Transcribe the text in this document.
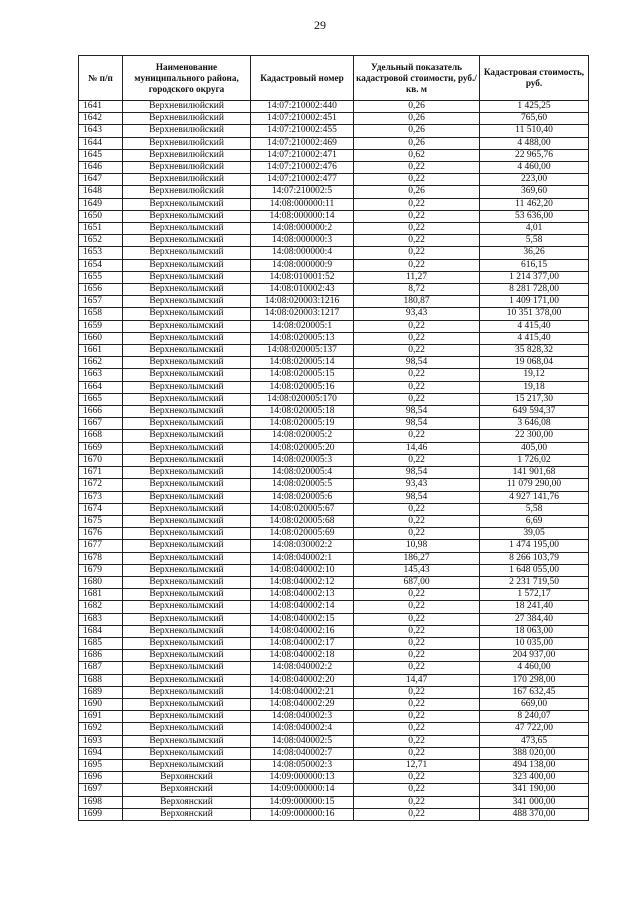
29
№ п/п	Наименование муниципального района, городского округа	Кадастровый номер	Удельный показатель кадастровой стоимости, руб./кв. м	Кадастровая стоимость, руб.
1641	Верхневилюйский	14:07:210002:440	0,26	1 425,25
1642	Верхневилюйский	14:07:210002:451	0,26	765,60
1643	Верхневилюйский	14:07:210002:455	0,26	11 510,40
1644	Верхневилюйский	14:07:210002:469	0,26	4 488,00
1645	Верхневилюйский	14:07:210002:471	0,62	22 965,76
1646	Верхневилюйский	14:07:210002:476	0,22	4 460,00
1647	Верхневилюйский	14:07:210002:477	0,22	223,00
1648	Верхневилюйский	14:07:210002:5	0,26	369,60
1649	Верхнеколымский	14:08:000000:11	0,22	11 462,20
1650	Верхнеколымский	14:08:000000:14	0,22	53 636,00
1651	Верхнеколымский	14:08:000000:2	0,22	4,01
1652	Верхнеколымский	14:08:000000:3	0,22	5,58
1653	Верхнеколымский	14:08:000000:4	0,22	36,26
1654	Верхнеколымский	14:08:000000:9	0,22	616,15
1655	Верхнеколымский	14:08:010001:52	11,27	1 214 377,00
1656	Верхнеколымский	14:08:010002:43	8,72	8 281 728,00
1657	Верхнеколымский	14:08:020003:1216	180,87	1 409 171,00
1658	Верхнеколымский	14:08:020003:1217	93,43	10 351 378,00
1659	Верхнеколымский	14:08:020005:1	0,22	4 415,40
1660	Верхнеколымский	14:08:020005:13	0,22	4 415,40
1661	Верхнеколымский	14:08:020005:137	0,22	35 828,32
1662	Верхнеколымский	14:08:020005:14	98,54	19 068,04
1663	Верхнеколымский	14:08:020005:15	0,22	19,12
1664	Верхнеколымский	14:08:020005:16	0,22	19,18
1665	Верхнеколымский	14:08:020005:170	0,22	15 217,30
1666	Верхнеколымский	14:08:020005:18	98,54	649 594,37
1667	Верхнеколымский	14:08:020005:19	98,54	3 646,08
1668	Верхнеколымский	14:08:020005:2	0,22	22 300,00
1669	Верхнеколымский	14:08:020005:20	14,46	405,00
1670	Верхнеколымский	14:08:020005:3	0,22	1 726,02
1671	Верхнеколымский	14:08:020005:4	98,54	141 901,68
1672	Верхнеколымский	14:08:020005:5	93,43	11 079 290,00
1673	Верхнеколымский	14:08:020005:6	98,54	4 927 141,76
1674	Верхнеколымский	14:08:020005:67	0,22	5,58
1675	Верхнеколымский	14:08:020005:68	0,22	6,69
1676	Верхнеколымский	14:08:020005:69	0,22	39,05
1677	Верхнеколымский	14:08:030002:2	10,98	1 474 195,00
1678	Верхнеколымский	14:08:040002:1	186,27	8 266 103,79
1679	Верхнеколымский	14:08:040002:10	145,43	1 648 055,00
1680	Верхнеколымский	14:08:040002:12	687,00	2 231 719,50
1681	Верхнеколымский	14:08:040002:13	0,22	1 572,17
1682	Верхнеколымский	14:08:040002:14	0,22	18 241,40
1683	Верхнеколымский	14:08:040002:15	0,22	27 384,40
1684	Верхнеколымский	14:08:040002:16	0,22	18 063,00
1685	Верхнеколымский	14:08:040002:17	0,22	10 035,00
1686	Верхнеколымский	14:08:040002:18	0,22	204 937,00
1687	Верхнеколымский	14:08:040002:2	0,22	4 460,00
1688	Верхнеколымский	14:08:040002:20	14,47	170 298,00
1689	Верхнеколымский	14:08:040002:21	0,22	167 632,45
1690	Верхнеколымский	14:08:040002:29	0,22	669,00
1691	Верхнеколымский	14:08:040002:3	0,22	8 240,07
1692	Верхнеколымский	14:08:040002:4	0,22	47 722,00
1693	Верхнеколымский	14:08:040002:5	0,22	473,65
1694	Верхнеколымский	14:08:040002:7	0,22	388 020,00
1695	Верхнеколымский	14:08:050002:3	12,71	494 138,00
1696	Верхоянский	14:09:000000:13	0,22	323 400,00
1697	Верхоянский	14:09:000000:14	0,22	341 190,00
1698	Верхоянский	14:09:000000:15	0,22	341 000,00
1699	Верхоянский	14:09:000000:16	0,22	488 370,00
